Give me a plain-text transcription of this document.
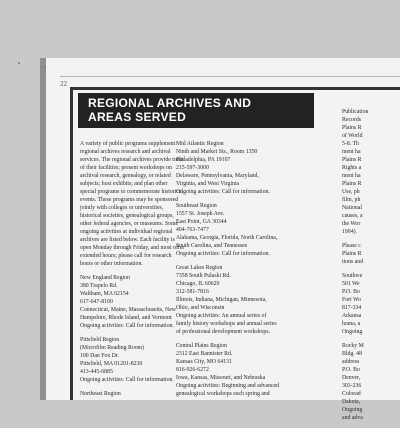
22
REGIONAL ARCHIVES AND
AREAS SERVED

A variety of public programs supplement
regional archives research and archival
services. The regional archives provide tours
of their facilities; present workshops on
archival research, genealogy, or related
subjects; host exhibits; and plan other
special programs to commemorate historical
events. These programs may be sponsored
jointly with colleges or universities,
historical societies, genealogical groups,
other federal agencies, or museums. Some
ongoing activities at individual regional
archives are listed below. Each facility is
open Monday through Friday, and most offer
extended hours; please call for research
hours or other information.

New England Region
380 Trapelo Rd.
Waltham, MA 02154
617-647-8100
Connecticut, Maine, Massachusetts, New
Hampshire, Rhode Island, and Vermont
Ongoing activities: Call for information.

Pittsfield Region
(Microfilm Reading Room)
100 Dan Fox Dr.
Pittsfield, MA 01201-8230
413-445-6885
Ongoing activities: Call for information.

Northeast Region

Mid Atlantic Region
Ninth and Market Sts., Room 1350
Philadelphia, PA 19107
215-597-3000
Delaware, Pennsylvania, Maryland,
Virginia, and West Virginia
Ongoing activities: Call for information.

Southeast Region
1557 St. Joseph Ave.
East Point, GA 30344
404-763-7477
Alabama, Georgia, Florida, North Carolina,
South Carolina, and Tennessee
Ongoing activities: Call for information.

Great Lakes Region
7358 South Pulaski Rd.
Chicago, IL 60629
312-581-7816
Illinois, Indiana, Michigan, Minnesota,
Ohio, and Wisconsin
Ongoing activities: An annual series of
family history workshops and annual series
of professional development workshops.

Central Plains Region
2312 East Bannister Rd.
Kansas City, MO 64131
816-926-6272
Iowa, Kansas, Missouri, and Nebraska
Ongoing activities: Beginning and advanced
genealogical workshops each spring and

Publication
Records
Plains R
of World
5-8. Th
ment ha
Plains R
Rights a
ment ha
Plains R
Use, ph
film, ph
National
causes, a
the Wor
1994).

Please c
Plains R
tions and

Southwe
501 We
P.O. Bo
Fort Wo
817-334
Arkansa
homa, a
Ongoing

Rocky M
Bldg. 48
address
P.O. Bo
Denver,
303-236
Colorad
Dakota,
Ongoing
and adva
